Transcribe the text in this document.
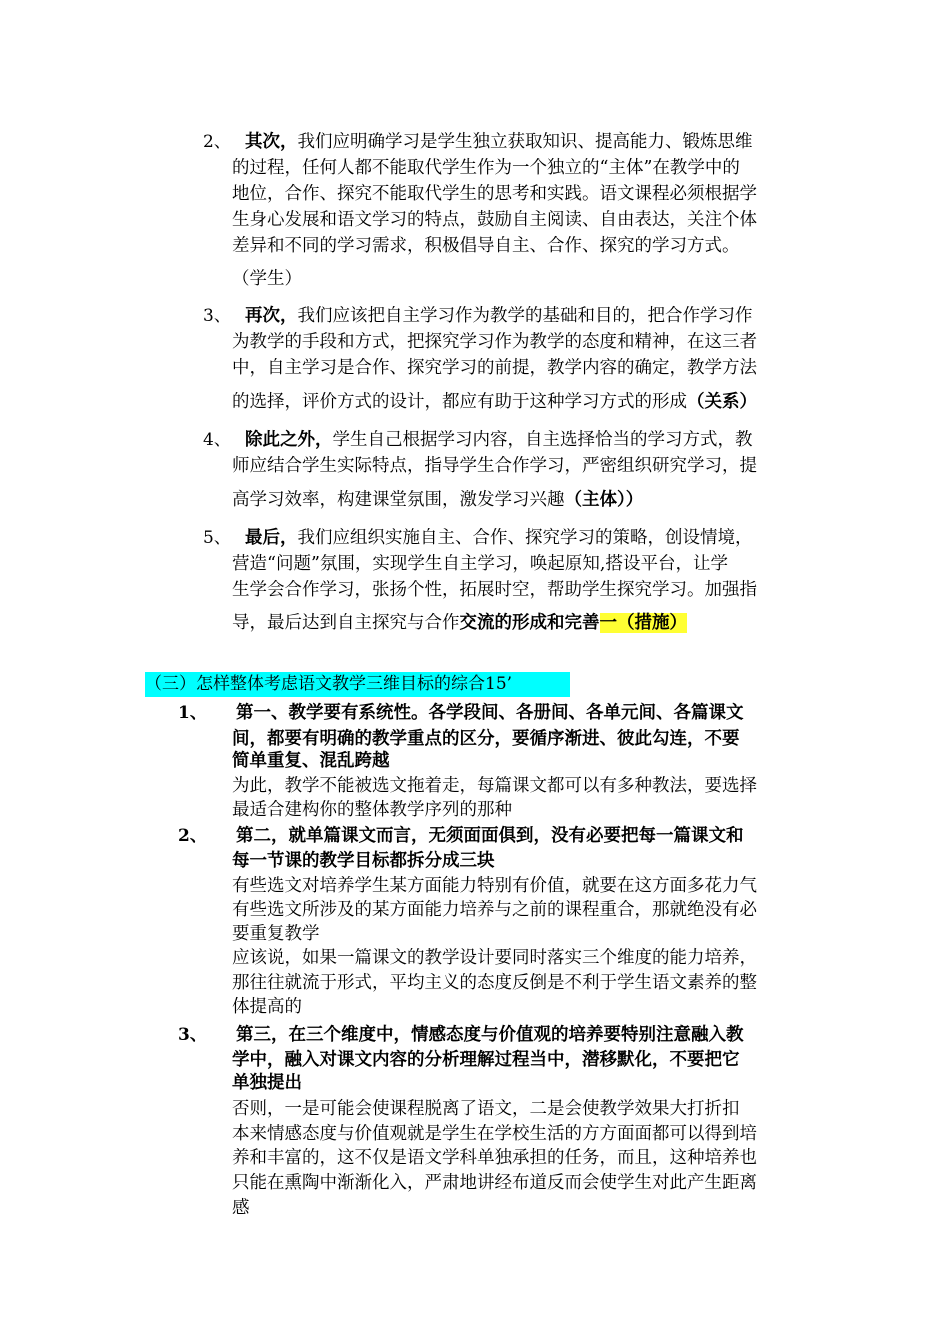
2、 其次，我们应明确学习是学生独立获取知识、提高能力、锻炼思维
的过程，任何人都不能取代学生作为一个独立的“主体”在教学中的
地位，合作、探究不能取代学生的思考和实践。语文课程必须根据学
生身心发展和语文学习的特点，鼓励自主阅读、自由表达，关注个体
差异和不同的学习需求，积极倡导自主、合作、探究的学习方式。
（学生）
3、 再次，我们应该把自主学习作为教学的基础和目的，把合作学习作
为教学的手段和方式，把探究学习作为教学的态度和精神，在这三者
中，自主学习是合作、探究学习的前提，教学内容的确定，教学方法
的选择，评价方式的设计，都应有助于这种学习方式的形成（关系）
4、 除此之外，学生自己根据学习内容，自主选择恰当的学习方式，教
师应结合学生实际特点，指导学生合作学习，严密组织研究学习，提
高学习效率，构建课堂氛围，激发学习兴趣（主体））
5、 最后，我们应组织实施自主、合作、探究学习的策略，创设情境，
营造“问题”氛围，实现学生自主学习，唤起原知,搭设平台，让学
生学会合作学习，张扬个性，拓展时空，帮助学生探究学习。加强指
导，最后达到自主探究与合作交流的形成和完善一（措施）
（三）怎样整体考虑语文教学三维目标的综合15’
1、 第一、教学要有系统性。各学段间、各册间、各单元间、各篇课文
间，都要有明确的教学重点的区分，要循序渐进、彼此勾连，不要
简单重复、混乱跨越
为此，教学不能被选文拖着走，每篇课文都可以有多种教法，要选择
最适合建构你的整体教学序列的那种
2、 第二，就单篇课文而言，无须面面俱到，没有必要把每一篇课文和
每一节课的教学目标都拆分成三块
有些选文对培养学生某方面能力特别有价值，就要在这方面多花力气
有些选文所涉及的某方面能力培养与之前的课程重合，那就绝没有必
要重复教学
应该说，如果一篇课文的教学设计要同时落实三个维度的能力培养，
那往往就流于形式，平均主义的态度反倒是不利于学生语文素养的整
体提高的
3、 第三，在三个维度中，情感态度与价值观的培养要特别注意融入教
学中，融入对课文内容的分析理解过程当中，潜移默化，不要把它
单独提出
否则，一是可能会使课程脱离了语文，二是会使教学效果大打折扣
本来情感态度与价值观就是学生在学校生活的方方面面都可以得到培
养和丰富的，这不仅是语文学科单独承担的任务，而且，这种培养也
只能在熏陶中渐渐化入，严肃地讲经布道反而会使学生对此产生距离
感
